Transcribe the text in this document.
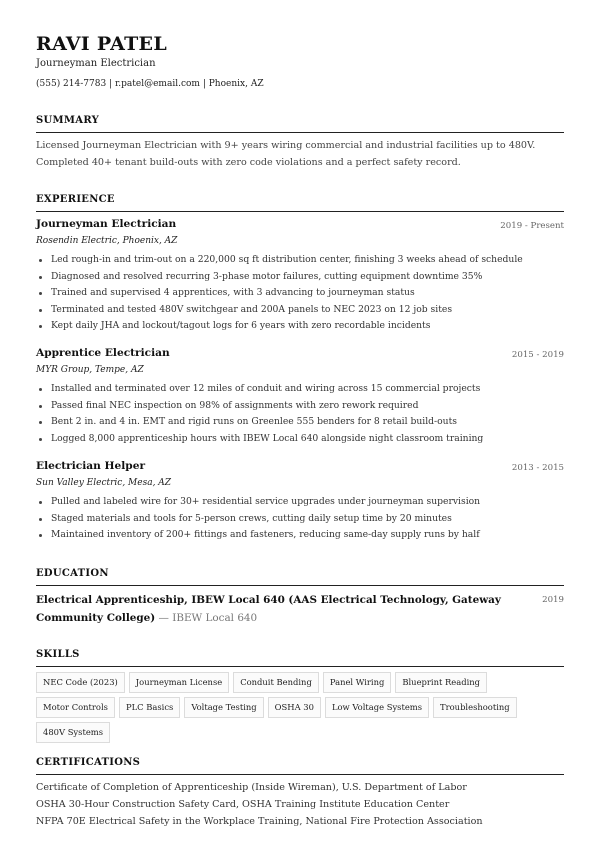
RAVI PATEL
Journeyman Electrician
(555) 214-7783 | r.patel@email.com | Phoenix, AZ
SUMMARY
Licensed Journeyman Electrician with 9+ years wiring commercial and industrial facilities up to 480V. Completed 40+ tenant build-outs with zero code violations and a perfect safety record.
EXPERIENCE
Journeyman Electrician	2019 - Present
Rosendin Electric, Phoenix, AZ
Led rough-in and trim-out on a 220,000 sq ft distribution center, finishing 3 weeks ahead of schedule
Diagnosed and resolved recurring 3-phase motor failures, cutting equipment downtime 35%
Trained and supervised 4 apprentices, with 3 advancing to journeyman status
Terminated and tested 480V switchgear and 200A panels to NEC 2023 on 12 job sites
Kept daily JHA and lockout/tagout logs for 6 years with zero recordable incidents
Apprentice Electrician	2015 - 2019
MYR Group, Tempe, AZ
Installed and terminated over 12 miles of conduit and wiring across 15 commercial projects
Passed final NEC inspection on 98% of assignments with zero rework required
Bent 2 in. and 4 in. EMT and rigid runs on Greenlee 555 benders for 8 retail build-outs
Logged 8,000 apprenticeship hours with IBEW Local 640 alongside night classroom training
Electrician Helper	2013 - 2015
Sun Valley Electric, Mesa, AZ
Pulled and labeled wire for 30+ residential service upgrades under journeyman supervision
Staged materials and tools for 5-person crews, cutting daily setup time by 20 minutes
Maintained inventory of 200+ fittings and fasteners, reducing same-day supply runs by half
EDUCATION
Electrical Apprenticeship, IBEW Local 640 (AAS Electrical Technology, Gateway Community College) — IBEW Local 640
2019
SKILLS
NEC Code (2023)	Journeyman License	Conduit Bending	Panel Wiring	Blueprint Reading
Motor Controls	PLC Basics	Voltage Testing	OSHA 30	Low Voltage Systems	Troubleshooting
480V Systems
CERTIFICATIONS
Certificate of Completion of Apprenticeship (Inside Wireman), U.S. Department of Labor
OSHA 30-Hour Construction Safety Card, OSHA Training Institute Education Center
NFPA 70E Electrical Safety in the Workplace Training, National Fire Protection Association
